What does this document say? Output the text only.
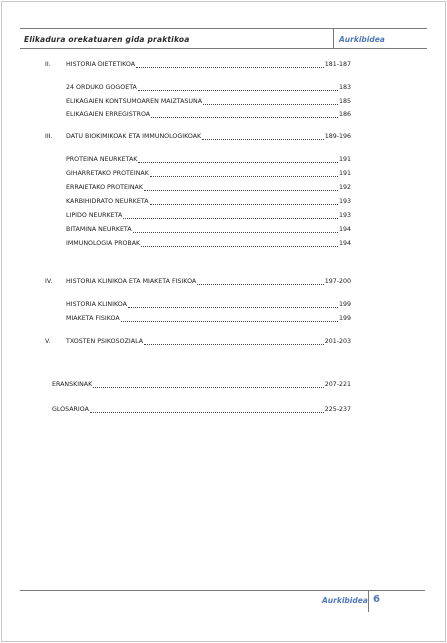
Elikadura orekatuaren gida praktikoa	Aurkibidea
II. HISTORIA DIETETIKOA	181-187
24 ORDUKO GOGOETA	183
ELIKAGAIEN KONTSUMOAREN MAIZTASUNA	185
ELIKAGAIEN ERREGISTROA	186
III. DATU BIOKIMIKOAK ETA IMMUNOLOGIKOAK	189-196
PROTEINA NEURKETAK	191
GIHARRETAKO PROTEINAK	191
ERRAIETAKO PROTEINAK	192
KARBIHIDRATO NEURKETA	193
LIPIDO NEURKETA	193
BITAMINA NEURKETA	194
IMMUNOLOGIA PROBAK	194
IV. HISTORIA KLINIKOA ETA MIAKETA FISIKOA	197-200
HISTORIA KLINIKOA	199
MIAKETA FISIKOA	199
V. TXOSTEN PSIKOSOZIALA	201-203
ERANSKINAK	207-221
GLOSARIOA	225-237
Aurkibidea 6
